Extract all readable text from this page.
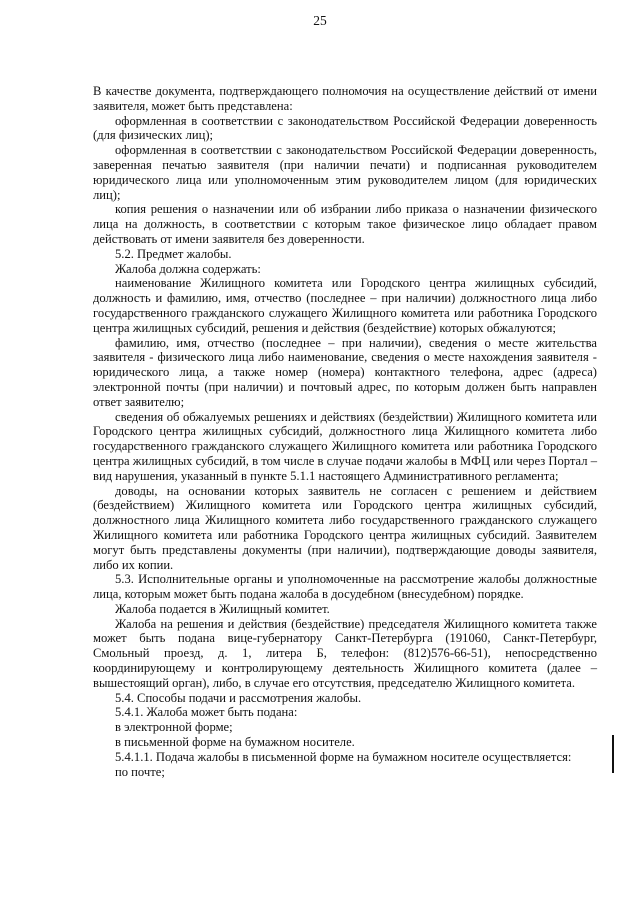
25

В качестве документа, подтверждающего полномочия на осуществление действий от имени заявителя, может быть представлена:

оформленная в соответствии с законодательством Российской Федерации доверенность (для физических лиц);

оформленная в соответствии с законодательством Российской Федерации доверенность, заверенная печатью заявителя (при наличии печати) и подписанная руководителем юридического лица или уполномоченным этим руководителем лицом (для юридических лиц);

копия решения о назначении или об избрании либо приказа о назначении физического лица на должность, в соответствии с которым такое физическое лицо обладает правом действовать от имени заявителя без доверенности.

5.2. Предмет жалобы.

Жалоба должна содержать:

наименование Жилищного комитета или Городского центра жилищных субсидий, должность и фамилию, имя, отчество (последнее – при наличии) должностного лица либо государственного гражданского служащего Жилищного комитета или работника Городского центра жилищных субсидий, решения и действия (бездействие) которых обжалуются;

фамилию, имя, отчество (последнее – при наличии), сведения о месте жительства заявителя - физического лица либо наименование, сведения о месте нахождения заявителя - юридического лица, а также номер (номера) контактного телефона, адрес (адреса) электронной почты (при наличии) и почтовый адрес, по которым должен быть направлен ответ заявителю;

сведения об обжалуемых решениях и действиях (бездействии) Жилищного комитета или Городского центра жилищных субсидий, должностного лица Жилищного комитета либо государственного гражданского служащего Жилищного комитета или работника Городского центра жилищных субсидий, в том числе в случае подачи жалобы в МФЦ или через Портал – вид нарушения, указанный в пункте 5.1.1 настоящего Административного регламента;

доводы, на основании которых заявитель не согласен с решением и действием (бездействием) Жилищного комитета или Городского центра жилищных субсидий, должностного лица Жилищного комитета либо государственного гражданского служащего Жилищного комитета или работника Городского центра жилищных субсидий. Заявителем могут быть представлены документы (при наличии), подтверждающие доводы заявителя, либо их копии.

5.3. Исполнительные органы и уполномоченные на рассмотрение жалобы должностные лица, которым может быть подана жалоба в досудебном (внесудебном) порядке.

Жалоба подается в Жилищный комитет.

Жалоба на решения и действия (бездействие) председателя Жилищного комитета также может быть подана вице-губернатору Санкт-Петербурга (191060, Санкт-Петербург, Смольный проезд, д. 1, литера Б, телефон: (812)576-66-51), непосредственно координирующему и контролирующему деятельность Жилищного комитета (далее – вышестоящий орган), либо, в случае его отсутствия, председателю Жилищного комитета.

5.4. Способы подачи и рассмотрения жалобы.

5.4.1. Жалоба может быть подана:

в электронной форме;

в письменной форме на бумажном носителе.

5.4.1.1. Подача жалобы в письменной форме на бумажном носителе осуществляется:

по почте;
